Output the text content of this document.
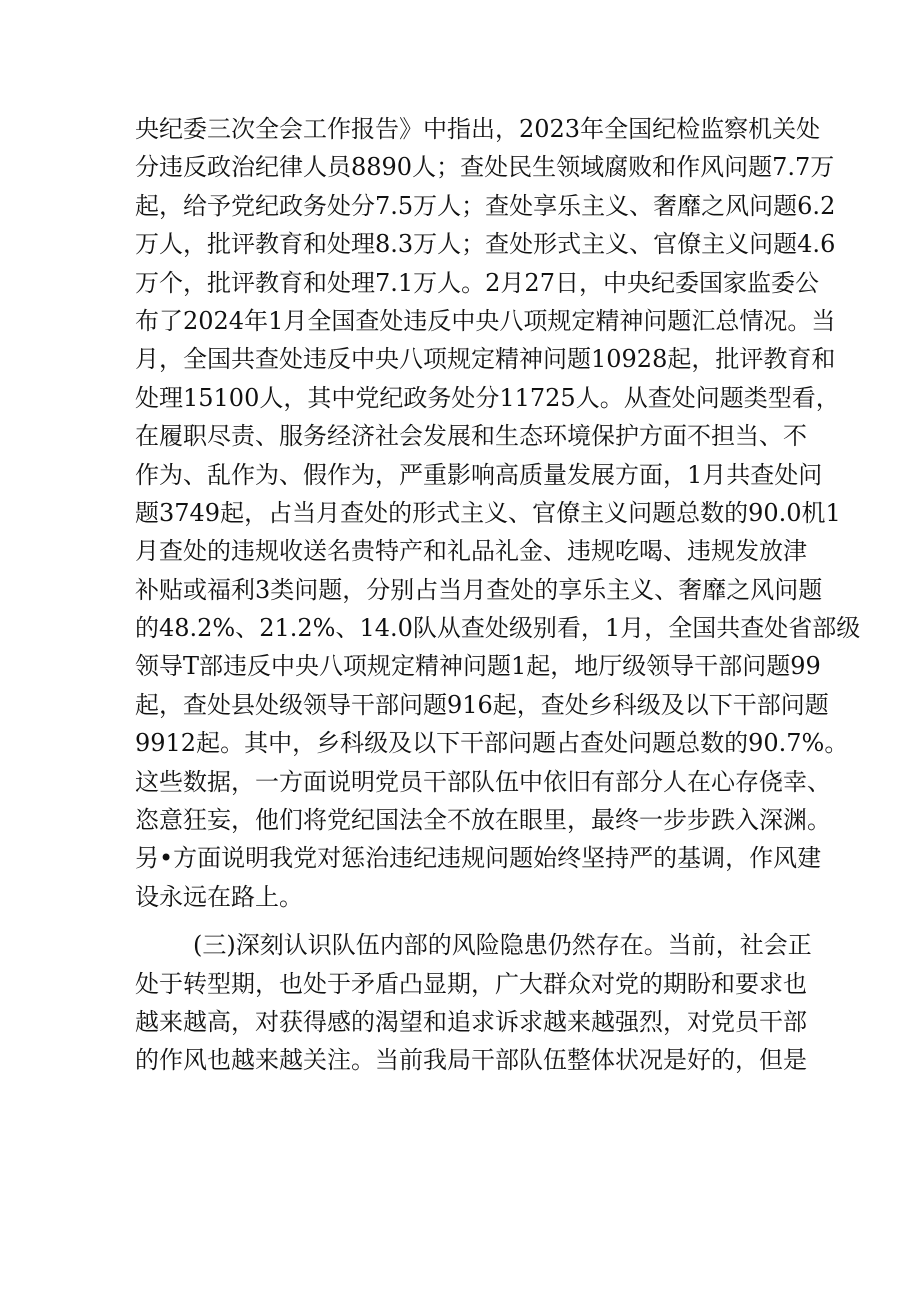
央纪委三次全会工作报告》中指出，2023年全国纪检监察机关处
分违反政治纪律人员8890人；查处民生领域腐败和作风问题7.7万
起，给予党纪政务处分7.5万人；查处享乐主义、奢靡之风问题6.2
万人，批评教育和处理8.3万人；查处形式主义、官僚主义问题4.6
万个，批评教育和处理7.1万人。2月27日，中央纪委国家监委公
布了2024年1月全国查处违反中央八项规定精神问题汇总情况。当
月，全国共查处违反中央八项规定精神问题10928起，批评教育和
处理15100人，其中党纪政务处分11725人。从查处问题类型看，
在履职尽责、服务经济社会发展和生态环境保护方面不担当、不
作为、乱作为、假作为，严重影响高质量发展方面，1月共查处问
题3749起，占当月查处的形式主义、官僚主义问题总数的90.0机1
月查处的违规收送名贵特产和礼品礼金、违规吃喝、违规发放津
补贴或福利3类问题，分别占当月查处的享乐主义、奢靡之风问题
的48.2%、21.2%、14.0队从查处级别看，1月，全国共查处省部级
领导T部违反中央八项规定精神问题1起，地厅级领导干部问题99
起，查处县处级领导干部问题916起，查处乡科级及以下干部问题
9912起。其中，乡科级及以下干部问题占查处问题总数的90.7%。
这些数据，一方面说明党员干部队伍中依旧有部分人在心存侥幸、
恣意狂妄，他们将党纪国法全不放在眼里，最终一步步跌入深渊。
另•方面说明我党对惩治违纪违规问题始终坚持严的基调，作风建
设永远在路上。
(三)深刻认识队伍内部的风险隐患仍然存在。当前，社会正
处于转型期，也处于矛盾凸显期，广大群众对党的期盼和要求也
越来越高，对获得感的渴望和追求诉求越来越强烈，对党员干部
的作风也越来越关注。当前我局干部队伍整体状况是好的，但是
